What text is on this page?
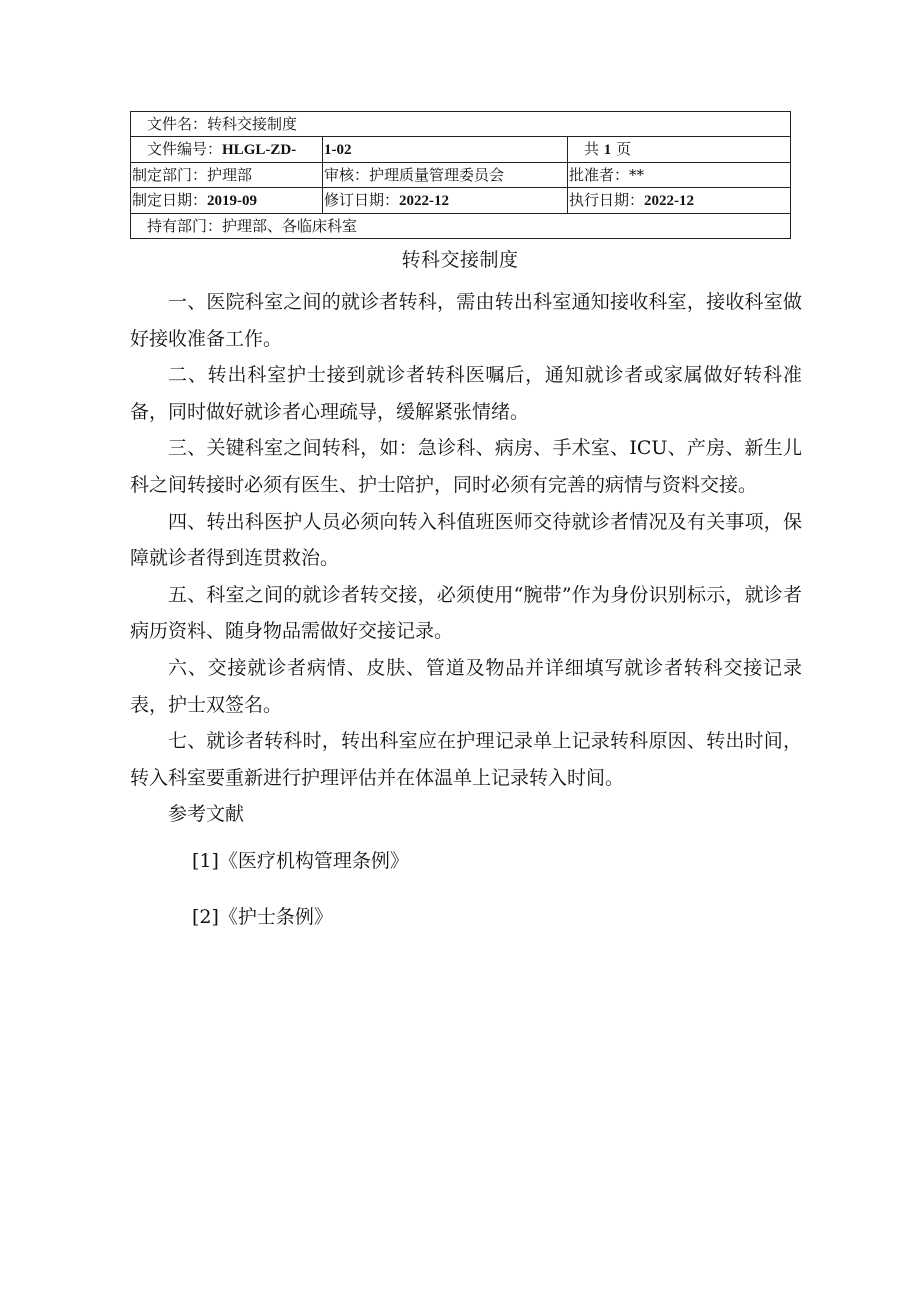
文件名：转科交接制度		
文件编号：HLGL-ZD-	1-02	共 1 页
制定部门：护理部	审核：护理质量管理委员会	批准者：**
制定日期：2019-09	修订日期：2022-12	执行日期：2022-12
持有部门：护理部、各临床科室		
转科交接制度

一、医院科室之间的就诊者转科，需由转出科室通知接收科室，接收科室做好接收准备工作。

二、转出科室护士接到就诊者转科医嘱后，通知就诊者或家属做好转科准备，同时做好就诊者心理疏导，缓解紧张情绪。

三、关键科室之间转科，如：急诊科、病房、手术室、ICU、产房、新生儿科之间转接时必须有医生、护士陪护，同时必须有完善的病情与资料交接。

四、转出科医护人员必须向转入科值班医师交待就诊者情况及有关事项，保障就诊者得到连贯救治。

五、科室之间的就诊者转交接，必须使用“腕带”作为身份识别标示，就诊者病历资料、随身物品需做好交接记录。

六、交接就诊者病情、皮肤、管道及物品并详细填写就诊者转科交接记录表，护士双签名。

七、就诊者转科时，转出科室应在护理记录单上记录转科原因、转出时间，转入科室要重新进行护理评估并在体温单上记录转入时间。

参考文献

[1]《医疗机构管理条例》

[2]《护士条例》
